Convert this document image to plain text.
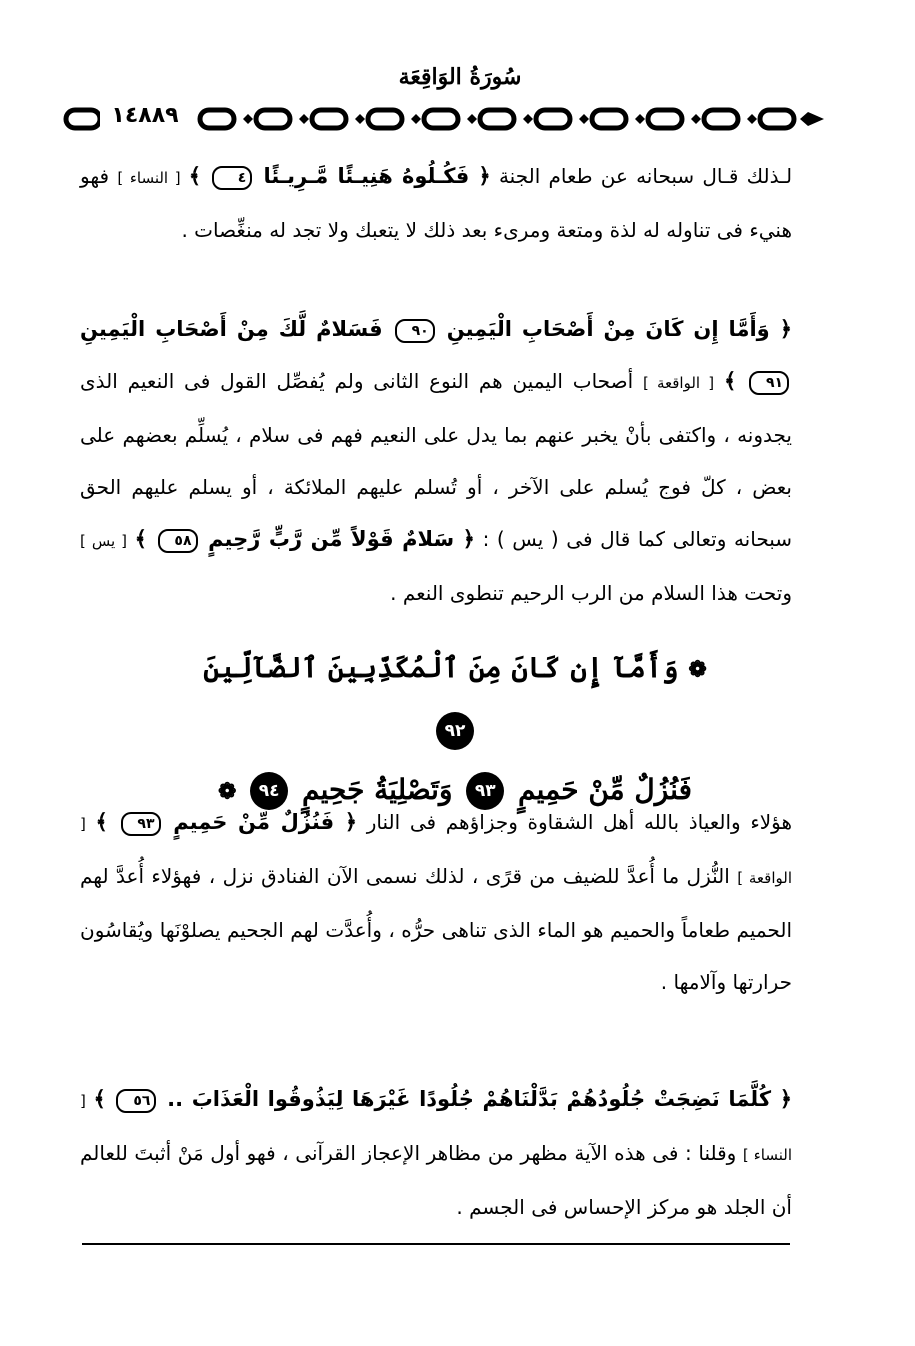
سُورَةُ الوَاقِعَة
١٤٨٨٩
لـذلك قـال سبحانه عن طعام الجنة ﴿ فَكُـلُوهُ هَنِيـئًا مَّـرِيـئًا ٤ ﴾ [ النساء ] فهو هنيء فى تناوله له لذة ومتعة ومرىء بعد ذلك لا يتعبك ولا تجد له منغِّصات .
﴿ وَأَمَّا إِن كَانَ مِنْ أَصْحَابِ الْيَمِينِ ٩٠ فَسَلامٌ لَّكَ مِنْ أَصْحَابِ الْيَمِينِ ٩١ ﴾ [ الواقعة ] أصحاب اليمين هم النوع الثانى ولم يُفصِّل القول فى النعيم الذى يجدونه ، واكتفى بأنْ يخبر عنهم بما يدل على النعيم فهم فى سلام ، يُسلِّم بعضهم على بعض ، كلّ فوج يُسلم على الآخر ، أو تُسلم عليهم الملائكة ، أو يسلم عليهم الحق سبحانه وتعالى كما قال فى ( يس ) : ﴿ سَلامٌ قَوْلاً مِّن رَّبٍّ رَّحِيمٍ ٥٨ ﴾ [ يس ] وتحت هذا السلام من الرب الرحيم تنطوى النعم .
❁ وَأَمَّآ إِن كَانَ مِنَ ٱلْمُكَذِّبِينَ ٱلضَّآلِّينَ ٩٢
فَنُزُلٌ مِّنْ حَمِيمٍ ٩٣ وَتَصْلِيَةُ جَحِيمٍ ٩٤ ❁
هؤلاء والعياذ بالله أهل الشقاوة وجزاؤهم فى النار ﴿ فَنُزُلٌ مِّنْ حَمِيمٍ ٩٣ ﴾ [ الواقعة ] النُّزل ما أُعدَّ للضيف من قرًى ، لذلك نسمى الآن الفنادق نزل ، فهؤلاء أُعدَّ لهم الحميم طعاماً والحميم هو الماء الذى تناهى حرُّه ، وأُعدَّت لهم الجحيم يصلوْنَها ويُقاسُون حرارتها وآلامها .
﴿ كُلَّمَا نَضِجَتْ جُلُودُهُمْ بَدَّلْنَاهُمْ جُلُودًا غَيْرَهَا لِيَذُوقُوا الْعَذَابَ .. ٥٦ ﴾ [ النساء ] وقلنا : فى هذه الآية مظهر من مظاهر الإعجاز القرآنى ، فهو أول مَنْ أثبتَ للعالم أن الجلد هو مركز الإحساس فى الجسم .
